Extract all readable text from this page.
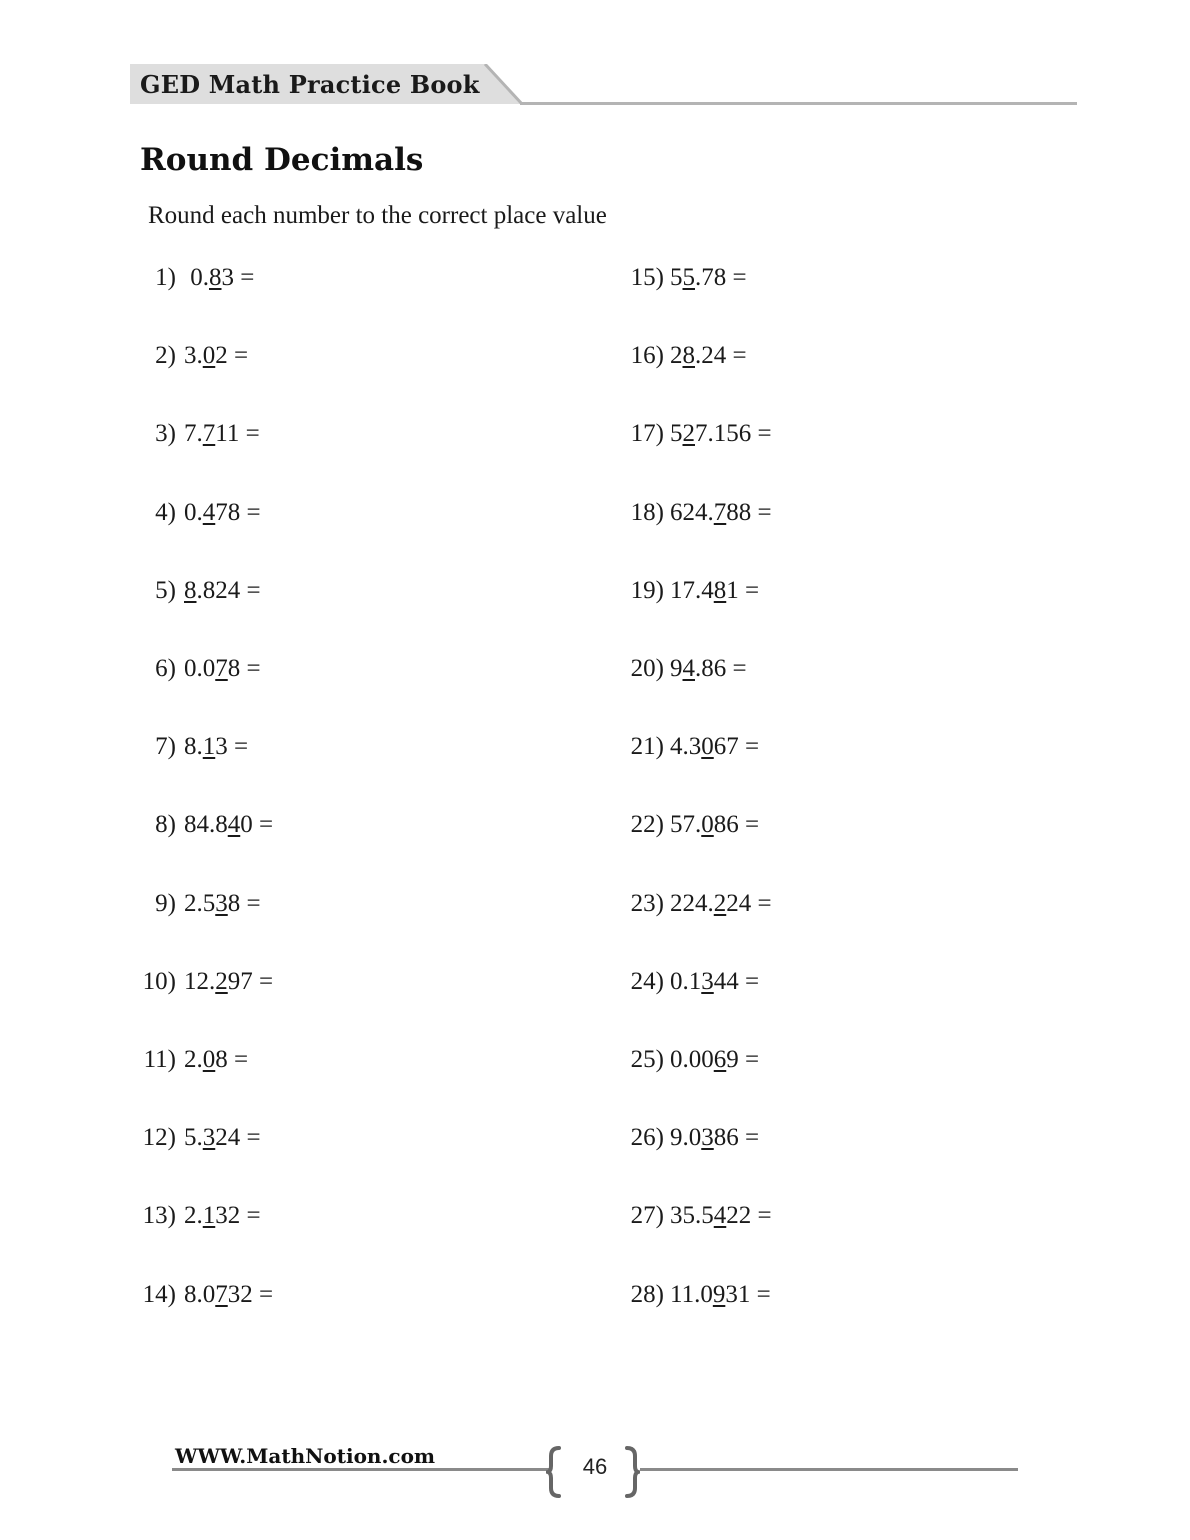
GED Math Practice Book
Round Decimals
Round each number to the correct place value
1) 0.83 =
2) 3.02 =
3) 7.711 =
4) 0.478 =
5) 8.824 =
6) 0.078 =
7) 8.13 =
8) 84.840 =
9) 2.538 =
10) 12.297 =
11) 2.08 =
12) 5.324 =
13) 2.132 =
14) 8.0732 =
15) 55.78 =
16) 28.24 =
17) 527.156 =
18) 624.788 =
19) 17.481 =
20) 94.86 =
21) 4.3067 =
22) 57.086 =
23) 224.224 =
24) 0.1344 =
25) 0.0069 =
26) 9.0386 =
27) 35.5422 =
28) 11.0931 =
WWW.MathNotion.com	46
